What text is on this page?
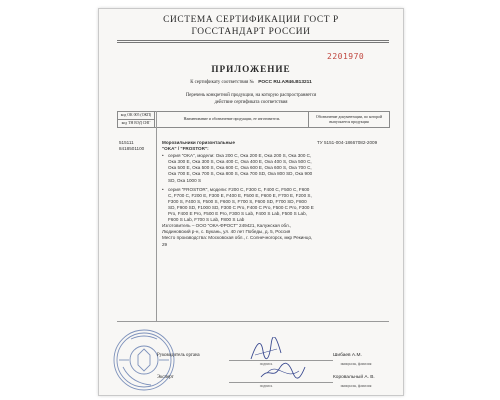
СИСТЕМА СЕРТИФИКАЦИИ ГОСТ Р
ГОССТАНДАРТ РОССИИ
2201970
ПРИЛОЖЕНИЕ
К сертификату соответствия № РОСС RU.АЯ46.В13211
Перечень конкретной продукции, на которую распространяется
действие сертификата соответствия
код ОК 005 (ОКП)
код ТН ВЭД СНГ
	Наименование и обозначение продукции, ее изготовитель	Обозначение документации, по которой выпускается продукция
515111
8418501100
Морозильники горизонтальные
"OKA" / "FROSTOR":
• серия "OKA", модели: Ока 200 С, Ока 200 Е, Ока 200 S, Ока 300 С, Ока 300 Е, Ока 300 S, Ока 400 С, Ока 400 Е, Ока 400 S, Ока 500 С, Ока 500 Е, Ока 500 S, Ока 600 С, Ока 600 Е, Ока 600 S, Ока 700 С, Ока 700 Е, Ока 700 S, Ока 800 S, Ока 700 SD, Ока 800 SD, Ока 900 SD, Ока 1000 S
• серия "FROSTOR", модели: F200 С, F300 С, F400 С, F500 С, F600 С, F700 С, F200 E, F300 E, F400 E, F500 E, F600 E, F700 E, F200 S, F300 S, F400 S, F500 S, F600 S, F700 S, F600 SD, F700 SD, F800 SD, F900 SD, F1000 SD, F300 C Pro, F400 C Pro, F500 C Pro, F300 E Pro, F400 E Pro, F500 E Pro, F300 S Lab, F400 S Lab, F500 S Lab, F600 S Lab, F700 S Lab, F800 S Lab
Изготовитель – ООО "ОКА-ФРОСТ" 249421, Калужская обл., Людиновский р-н, с. Букань, ул. 40 лет Победы, д. 5, Россия
Место производства: Московская обл., г. Солнечногорск, мкр Рекинцо, 29
ТУ 5151-004-18667082-2009
Руководитель органа	Шибаев А.М.
подпись	инициалы, фамилия
Эксперт	Коровальный А. В.
подпись	инициалы, фамилия
